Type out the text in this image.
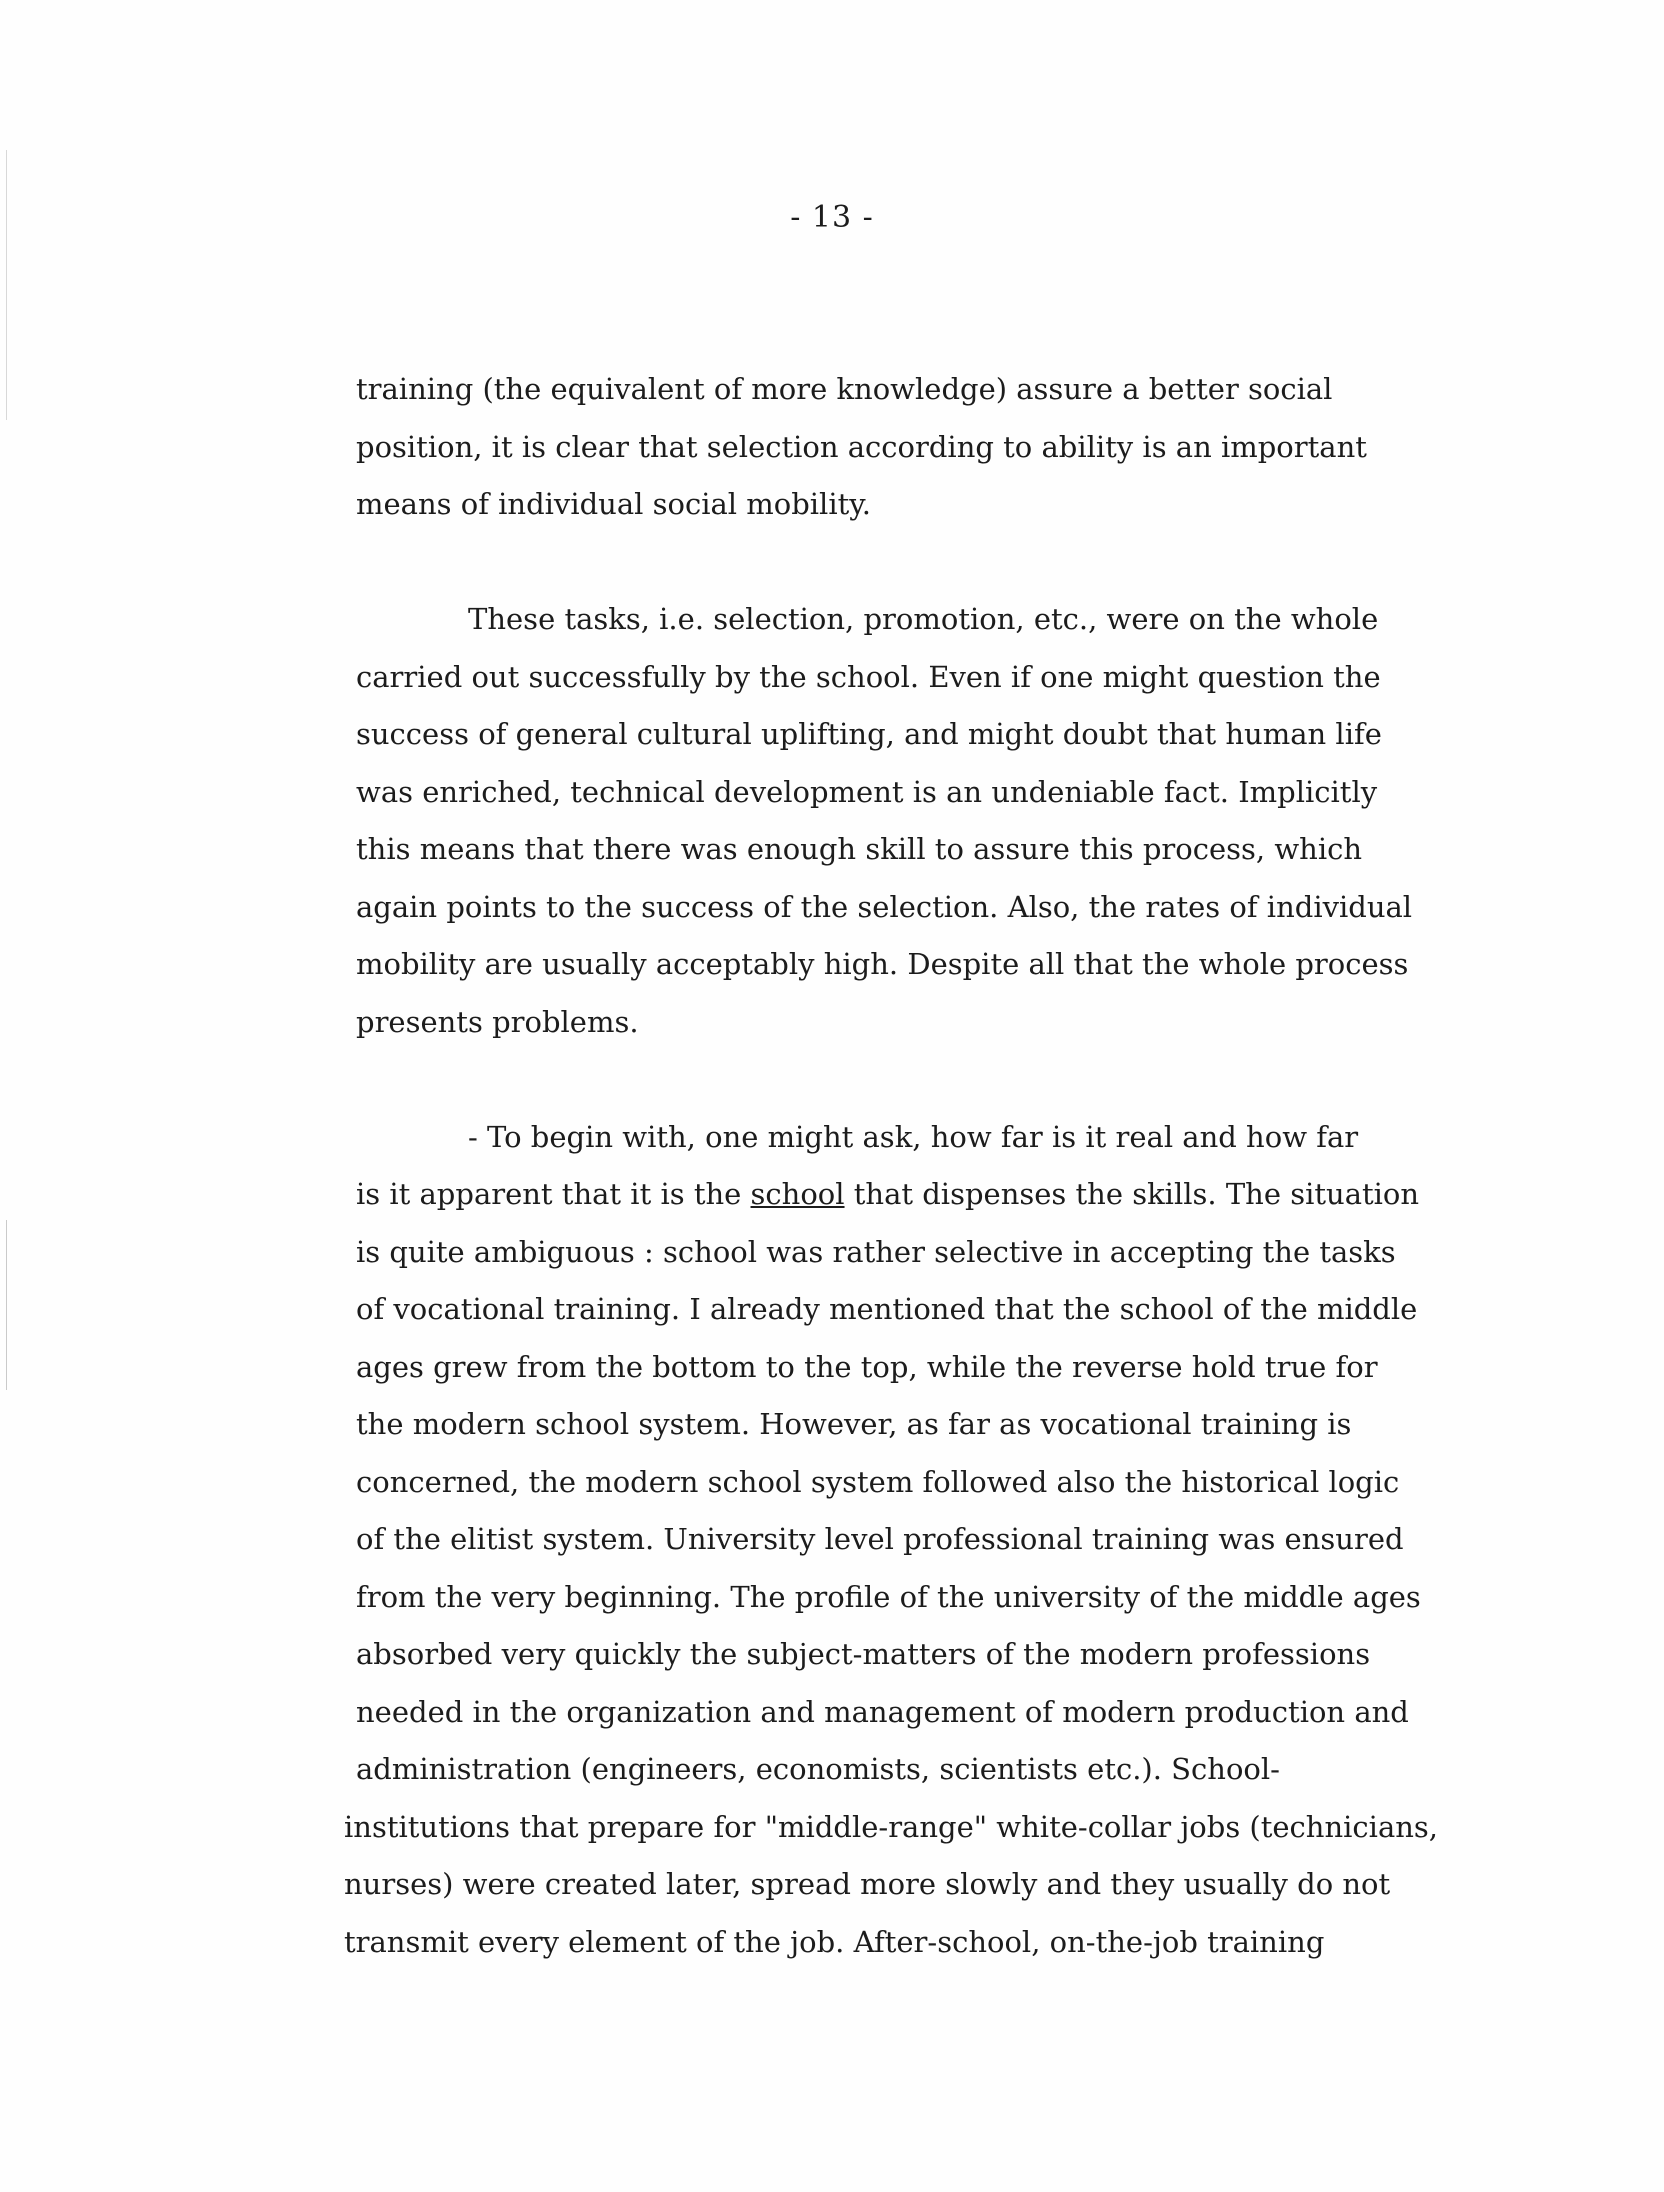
- 13 -

training (the equivalent of more knowledge) assure a better social
position, it is clear that selection according to ability is an important
means of individual social mobility.

These tasks, i.e. selection, promotion, etc., were on the whole
carried out successfully by the school. Even if one might question the
success of general cultural uplifting, and might doubt that human life
was enriched, technical development is an undeniable fact. Implicitly
this means that there was enough skill to assure this process, which
again points to the success of the selection. Also, the rates of individual
mobility are usually acceptably high. Despite all that the whole process
presents problems.

- To begin with, one might ask, how far is it real and how far
is it apparent that it is the school that dispenses the skills. The situation
is quite ambiguous : school was rather selective in accepting the tasks
of vocational training. I already mentioned that the school of the middle
ages grew from the bottom to the top, while the reverse hold true for
the modern school system. However, as far as vocational training is
concerned, the modern school system followed also the historical logic
of the elitist system. University level professional training was ensured
from the very beginning. The profile of the university of the middle ages
absorbed very quickly the subject-matters of the modern professions
needed in the organization and management of modern production and
administration (engineers, economists, scientists etc.). School-
institutions that prepare for "middle-range" white-collar jobs (technicians,
nurses) were created later, spread more slowly and they usually do not
transmit every element of the job. After-school, on-the-job training
